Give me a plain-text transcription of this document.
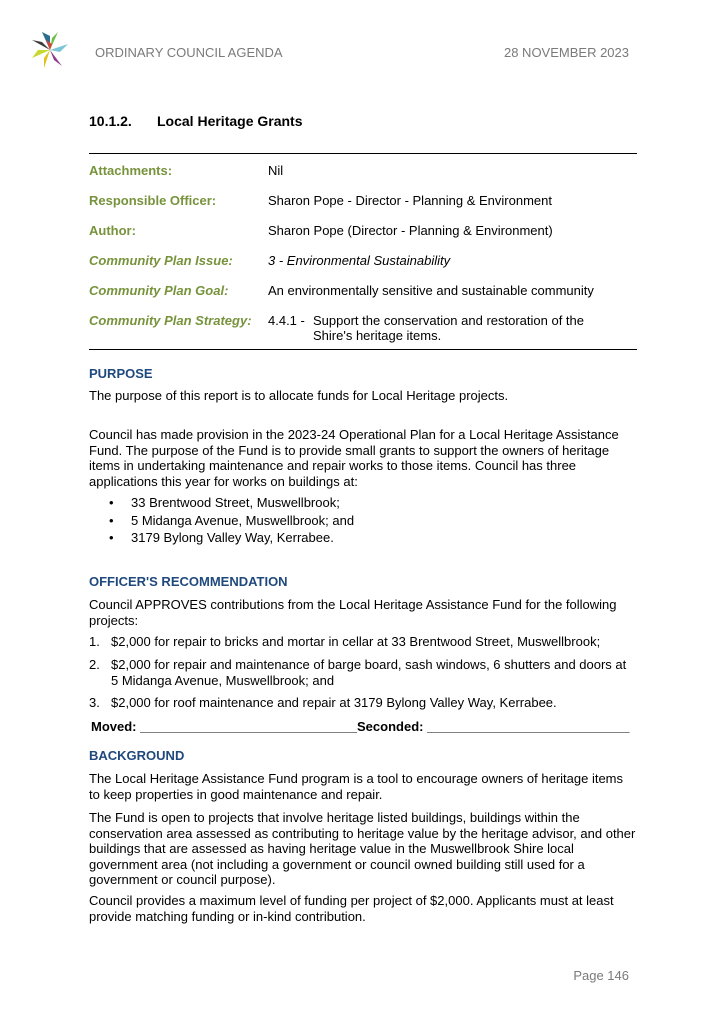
ORDINARY COUNCIL AGENDA	28 NOVEMBER 2023
10.1.2. Local Heritage Grants
Attachments:	Nil
Responsible Officer:	Sharon Pope - Director - Planning & Environment
Author:	Sharon Pope (Director - Planning & Environment)
Community Plan Issue:	3 - Environmental Sustainability
Community Plan Goal:	An environmentally sensitive and sustainable community
Community Plan Strategy: 4.4.1 - Support the conservation and restoration of the Shire's heritage items.
PURPOSE
The purpose of this report is to allocate funds for Local Heritage projects.
Council has made provision in the 2023-24 Operational Plan for a Local Heritage Assistance Fund. The purpose of the Fund is to provide small grants to support the owners of heritage items in undertaking maintenance and repair works to those items. Council has three applications this year for works on buildings at:
• 33 Brentwood Street, Muswellbrook;
• 5 Midanga Avenue, Muswellbrook; and
• 3179 Bylong Valley Way, Kerrabee.
OFFICER'S RECOMMENDATION
Council APPROVES contributions from the Local Heritage Assistance Fund for the following projects:
1. $2,000 for repair to bricks and mortar in cellar at 33 Brentwood Street, Muswellbrook;
2. $2,000 for repair and maintenance of barge board, sash windows, 6 shutters and doors at 5 Midanga Avenue, Muswellbrook; and
3. $2,000 for roof maintenance and repair at 3179 Bylong Valley Way, Kerrabee.
Moved: ______________________________Seconded: ____________________________
BACKGROUND
The Local Heritage Assistance Fund program is a tool to encourage owners of heritage items to keep properties in good maintenance and repair.
The Fund is open to projects that involve heritage listed buildings, buildings within the conservation area assessed as contributing to heritage value by the heritage advisor, and other buildings that are assessed as having heritage value in the Muswellbrook Shire local government area (not including a government or council owned building still used for a government or council purpose).
Council provides a maximum level of funding per project of $2,000. Applicants must at least provide matching funding or in-kind contribution.
Page 146
